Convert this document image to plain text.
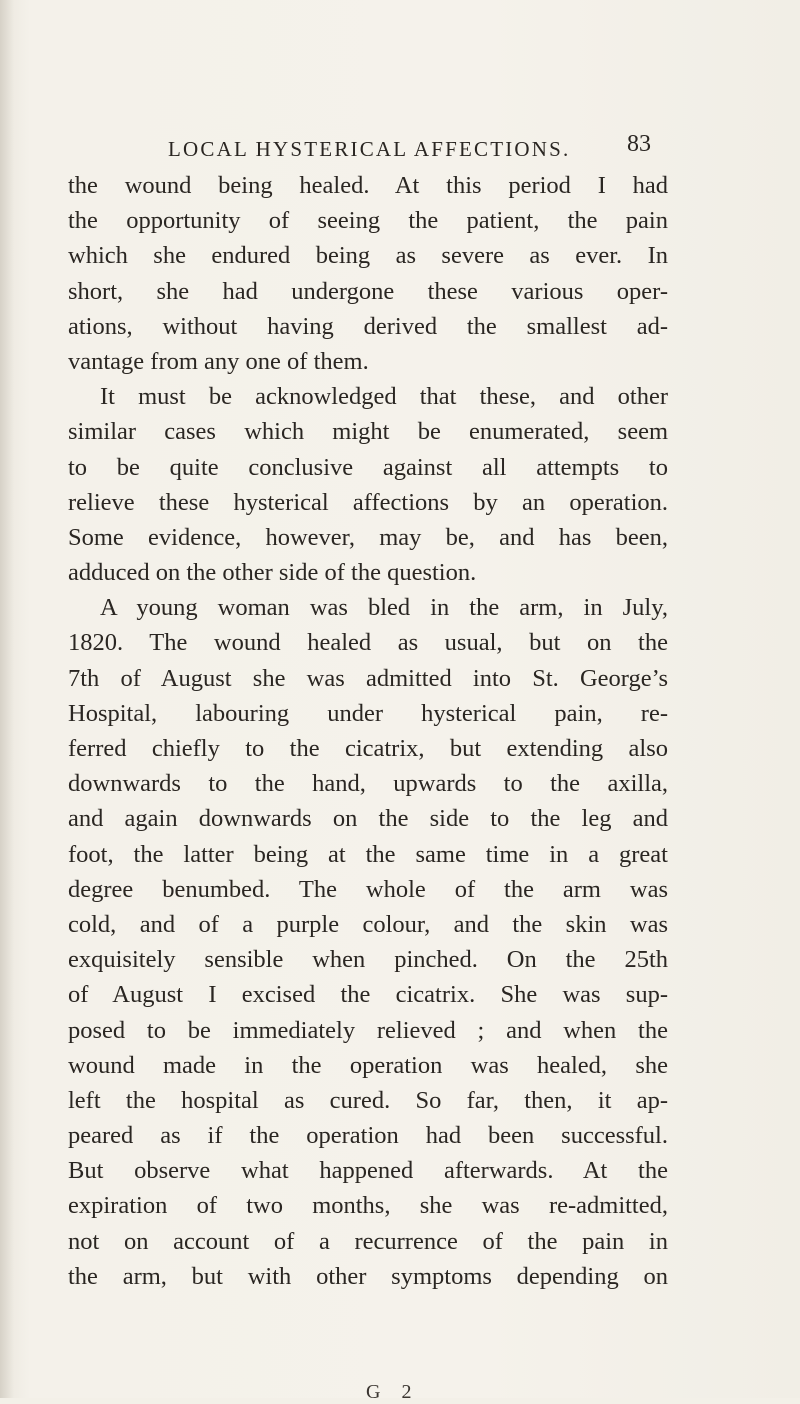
LOCAL HYSTERICAL AFFECTIONS.	83
the wound being healed. At this period I had
the opportunity of seeing the patient, the pain
which she endured being as severe as ever. In
short, she had undergone these various oper-
ations, without having derived the smallest ad-
vantage from any one of them.
It must be acknowledged that these, and other
similar cases which might be enumerated, seem
to be quite conclusive against all attempts to
relieve these hysterical affections by an operation.
Some evidence, however, may be, and has been,
adduced on the other side of the question.
A young woman was bled in the arm, in July,
1820. The wound healed as usual, but on the
7th of August she was admitted into St. George’s
Hospital, labouring under hysterical pain, re-
ferred chiefly to the cicatrix, but extending also
downwards to the hand, upwards to the axilla,
and again downwards on the side to the leg and
foot, the latter being at the same time in a great
degree benumbed. The whole of the arm was
cold, and of a purple colour, and the skin was
exquisitely sensible when pinched. On the 25th
of August I excised the cicatrix. She was sup-
posed to be immediately relieved ; and when the
wound made in the operation was healed, she
left the hospital as cured. So far, then, it ap-
peared as if the operation had been successful.
But observe what happened afterwards. At the
expiration of two months, she was re-admitted,
not on account of a recurrence of the pain in
the arm, but with other symptoms depending on
G 2
